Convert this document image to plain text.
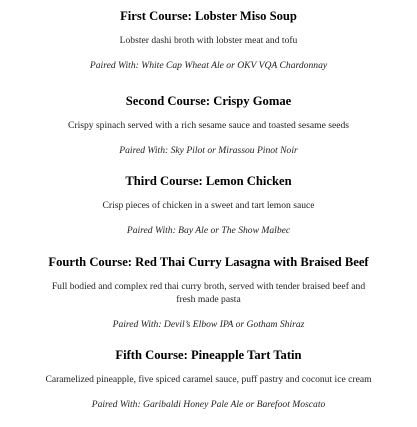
First Course: Lobster Miso Soup
Lobster dashi broth with lobster meat and tofu
Paired With: White Cap Wheat Ale or OKV VQA Chardonnay
Second Course: Crispy Gomae
Crispy spinach served with a rich sesame sauce and toasted sesame seeds
Paired With: Sky Pilot or Mirassou Pinot Noir
Third Course: Lemon Chicken
Crisp pieces of chicken in a sweet and tart lemon sauce
Paired With: Bay Ale or The Show Malbec
Fourth Course: Red Thai Curry Lasagna with Braised Beef
Full bodied and complex red thai curry broth, served with tender braised beef and fresh made pasta
Paired With: Devil’s Elbow IPA or Gotham Shiraz
Fifth Course: Pineapple Tart Tatin
Caramelized pineapple, five spiced caramel sauce, puff pastry and coconut ice cream
Paired With: Garibaldi Honey Pale Ale or Barefoot Moscato
